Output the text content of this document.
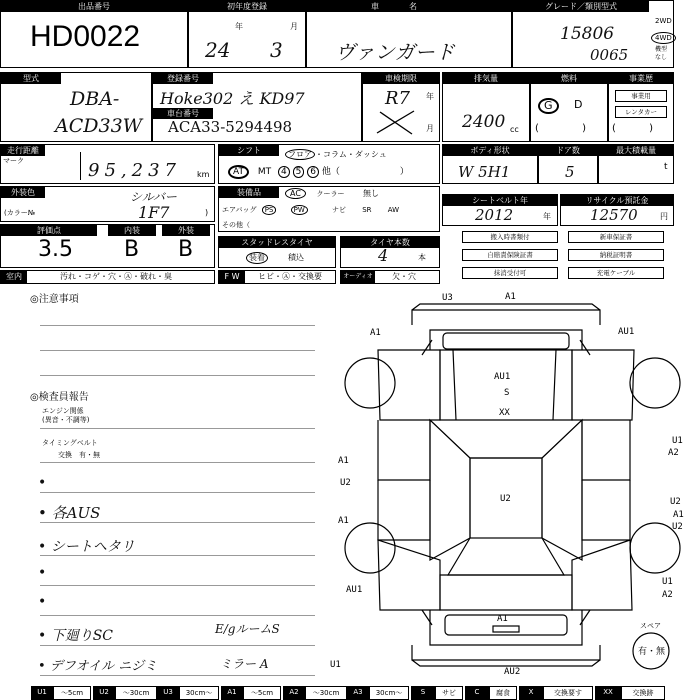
出品番号
HD0022
初年度登録
年	月
24 3
車名
ヴァンガード
グレード／類別型式
15806
0065
2WD
4WD
機型なし
型式
DBA-
ACD33W
登録番号
Hoke302 え KD97
車台番号
ACA33-5294498
車検期限
年
月
R7
排気量
2400 cc
燃料
G	D
(　　　　 )
事業歴
事業用
レンタカー
(　　　 )
走行距離
マーク	95,237 km
シフト	フロア ・コラム・ダッシュ
AT MT 4 5 6 他（	）
ボディ形状
W 5H1
ドア数
5
最大積載量
t
外装色
(カラー№
シルバー
1F7	)
装備品	AC クーラー 無し
エアバッグ PS	PW	ナビ SR AW
その他（
シートベルト年
2012	年
リサイクル預託金
12570	円
評価点
3.5
内装
B
外装
B	スタッドレスタイヤ
装着	積込
タイヤ本数
4	本
搬入時書類付	新車保証書
自賠責保険証書	納税証明書
抹消受付可	充電ケーブル
室内	汚れ・コゲ・穴・Ⓐ・破れ・臭	F W	ヒビ・Ⓐ・交換要	オーディオ 欠・穴
◎注意事項
◎検査員報告
エンジン関係
(異音・不調等)
タイミングベルト
交換　有・無
•
• 各AUS
• シートヘタリ
•
•
• 下廻りSC	E/gルームS
• デフオイル ニジミ	ミラー A
U3	A1
A1	AU1
AU1
S
XX
A1
U1
U2
A2
U2
U2
A1
A1
U2
AU1
U1
A2
A1
AU2
U1
スペア
有・無
U1	〜5cm	U2	〜30cm	U3	30cm〜	A1	〜5cm	A2	〜30cm	A3	30cm〜	S	サビ	C	腐食	X	交換要す	XX	交換跡
